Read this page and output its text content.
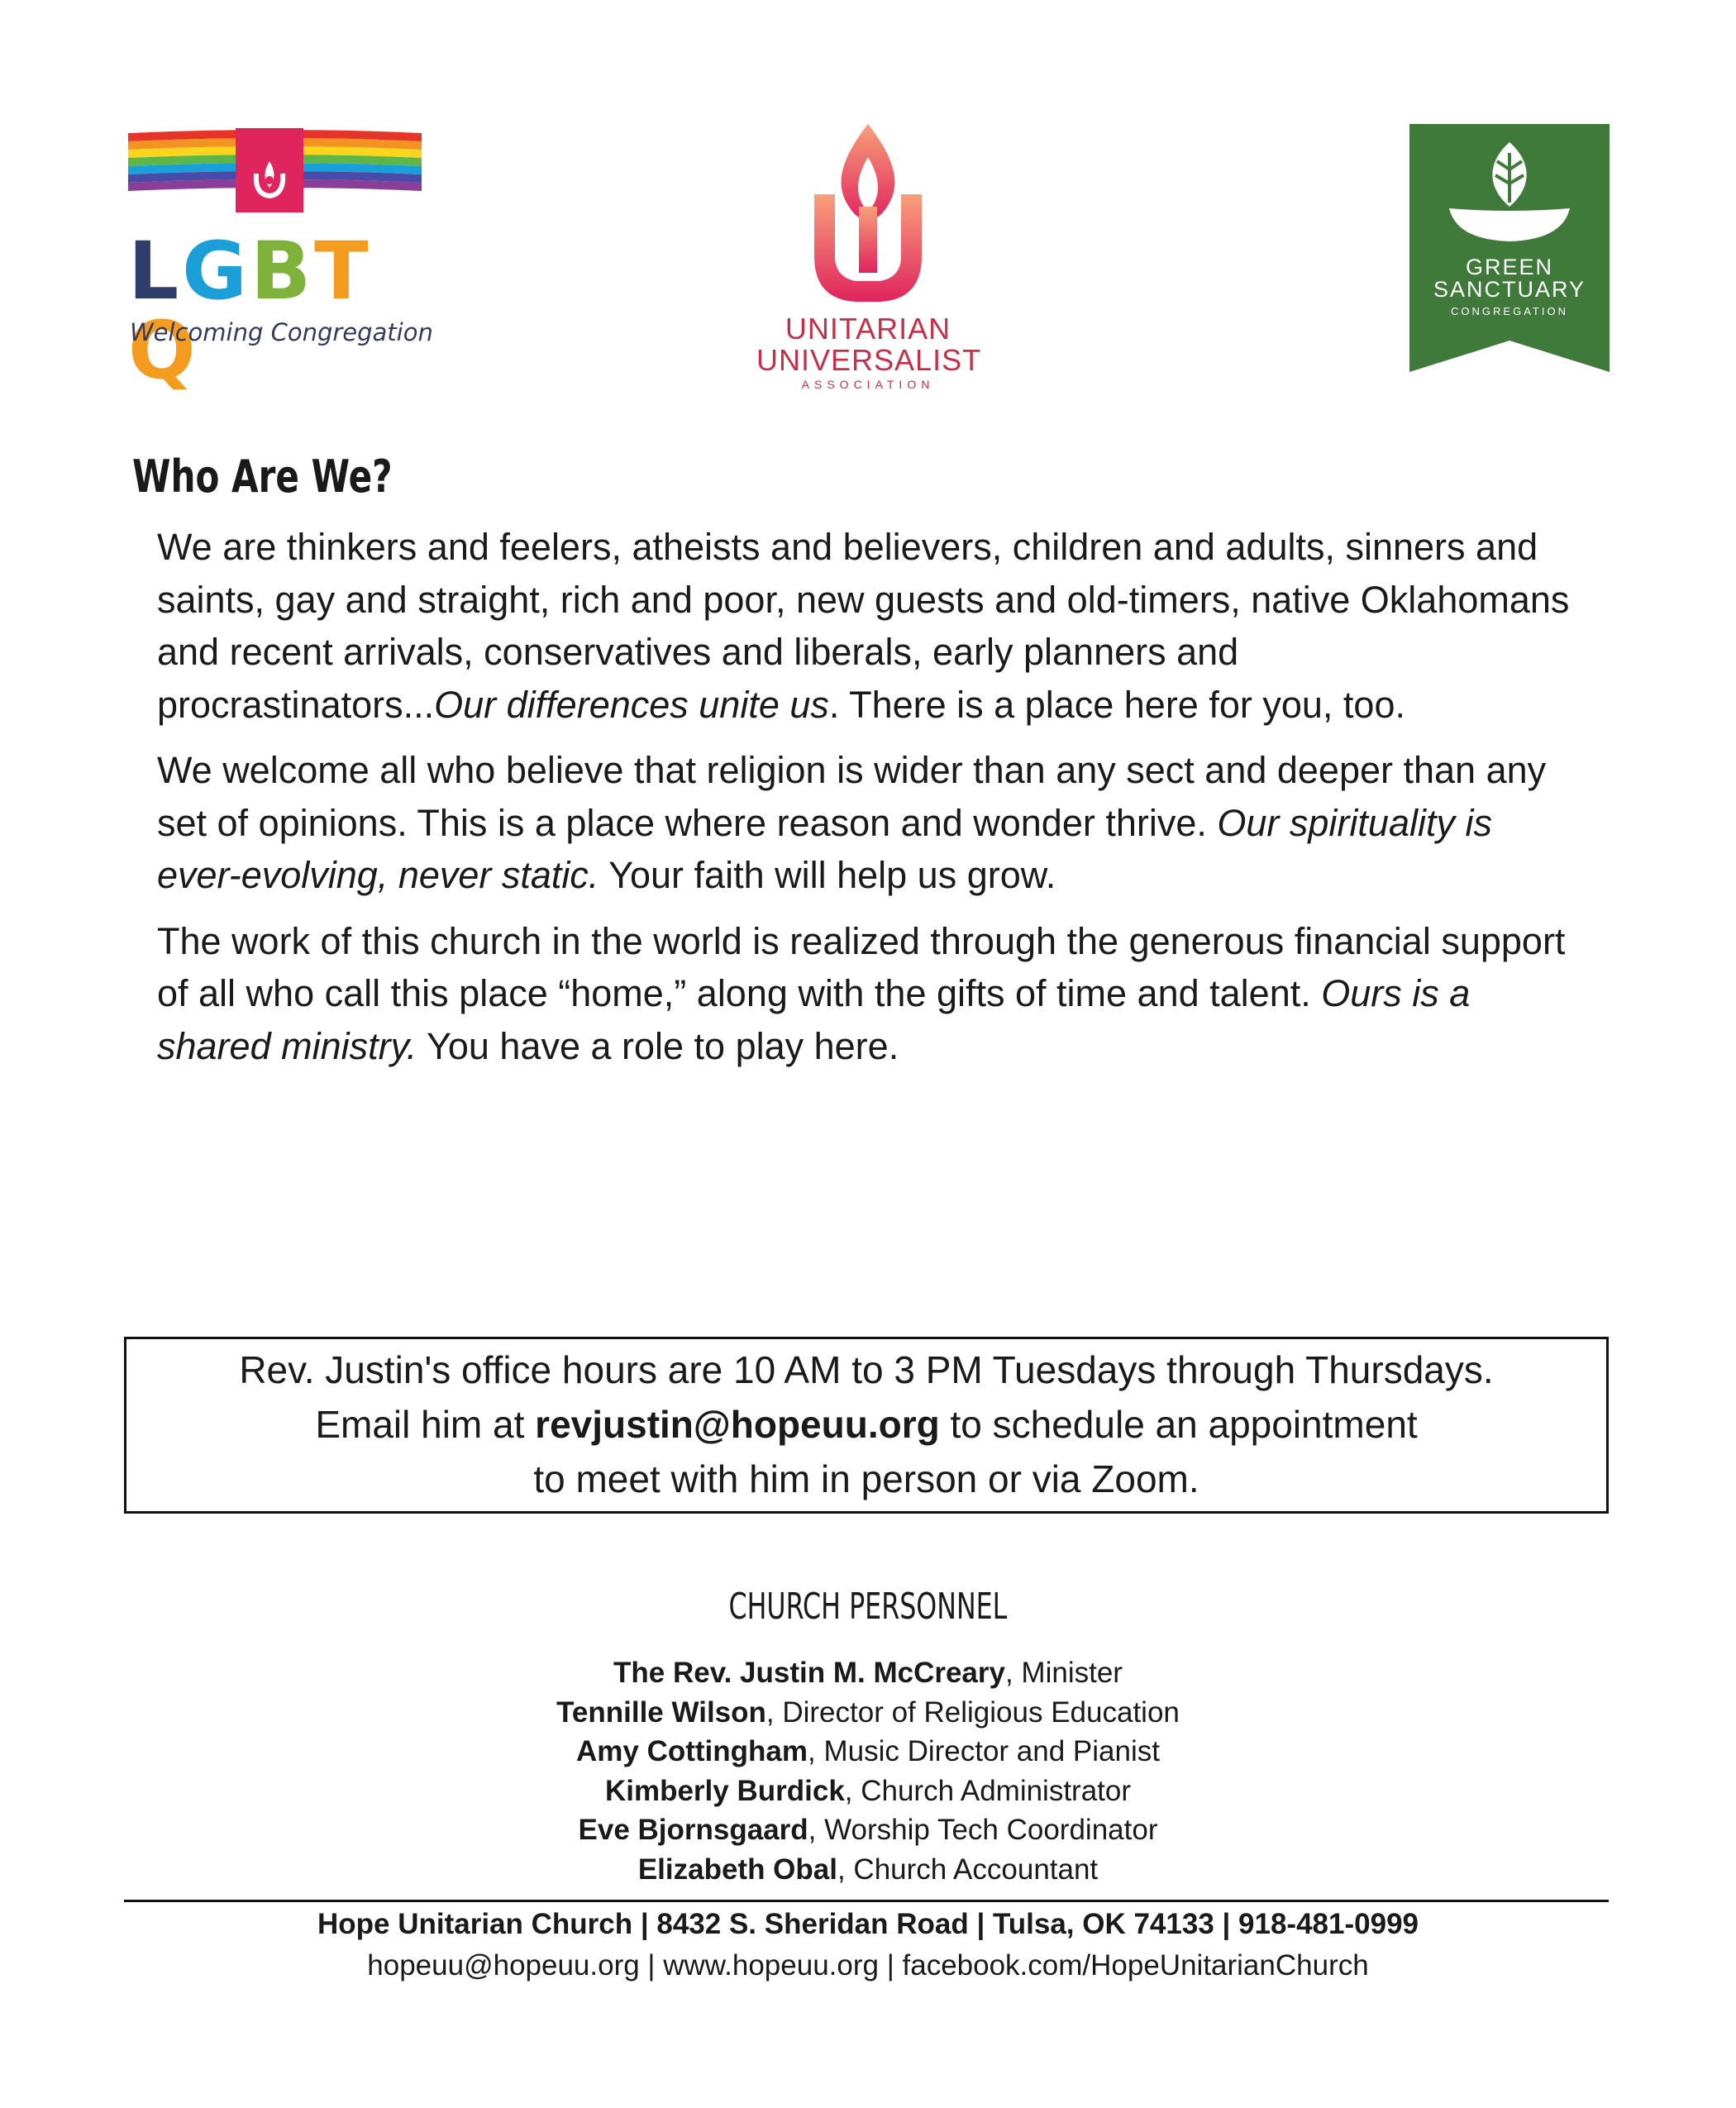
LGBTQ
Welcoming Congregation	UNITARIAN
UNIVERSALIST
ASSOCIATION
GREEN
SANCTUARY
CONGREGATION
Who Are We?

We are thinkers and feelers, atheists and believers, children and adults, sinners and saints, gay and straight, rich and poor, new guests and old-timers, native Oklahomans and recent arrivals, conservatives and liberals, early planners and procrastinators...Our differences unite us. There is a place here for you, too.

We welcome all who believe that religion is wider than any sect and deeper than any set of opinions. This is a place where reason and wonder thrive. Our spirituality is ever-evolving, never static. Your faith will help us grow.

The work of this church in the world is realized through the generous financial support of all who call this place “home,” along with the gifts of time and talent. Ours is a shared ministry. You have a role to play here.

Rev. Justin's office hours are 10 AM to 3 PM Tuesdays through Thursdays.
Email him at revjustin@hopeuu.org to schedule an appointment
to meet with him in person or via Zoom.
CHURCH PERSONNEL
The Rev. Justin M. McCreary, Minister
Tennille Wilson, Director of Religious Education
Amy Cottingham, Music Director and Pianist
Kimberly Burdick, Church Administrator
Eve Bjornsgaard, Worship Tech Coordinator
Elizabeth Obal, Church Accountant
Hope Unitarian Church | 8432 S. Sheridan Road | Tulsa, OK 74133 | 918-481-0999
hopeuu@hopeuu.org | www.hopeuu.org | facebook.com/HopeUnitarianChurch
